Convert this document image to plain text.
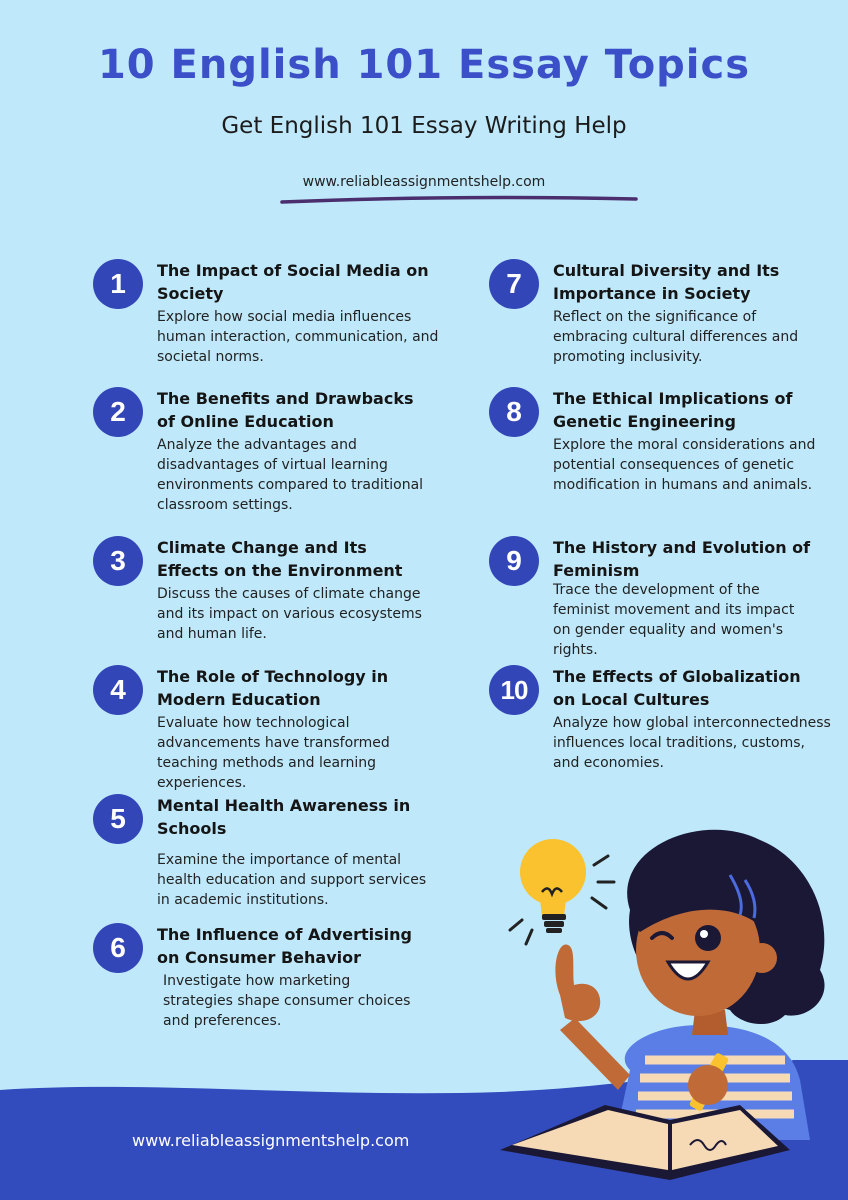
10 English 101 Essay Topics
Get English 101 Essay Writing Help
www.reliableassignmentshelp.com
1	The Impact of Social Media on Society
Explore how social media influences human interaction, communication, and societal norms.
2	The Benefits and Drawbacks of Online Education
Analyze the advantages and disadvantages of virtual learning environments compared to traditional classroom settings.
3	Climate Change and Its Effects on the Environment
Discuss the causes of climate change and its impact on various ecosystems and human life.
4	The Role of Technology in Modern Education
Evaluate how technological advancements have transformed teaching methods and learning experiences.
5	Mental Health Awareness in Schools
Examine the importance of mental health education and support services in academic institutions.
6	The Influence of Advertising on Consumer Behavior
Investigate how marketing strategies shape consumer choices and preferences.
7	Cultural Diversity and Its Importance in Society
Reflect on the significance of embracing cultural differences and promoting inclusivity.
8	The Ethical Implications of Genetic Engineering
Explore the moral considerations and potential consequences of genetic modification in humans and animals.
9	The History and Evolution of Feminism
Trace the development of the feminist movement and its impact on gender equality and women's rights.
10	The Effects of Globalization on Local Cultures
Analyze how global interconnectedness influences local traditions, customs, and economies.
www.reliableassignmentshelp.com
